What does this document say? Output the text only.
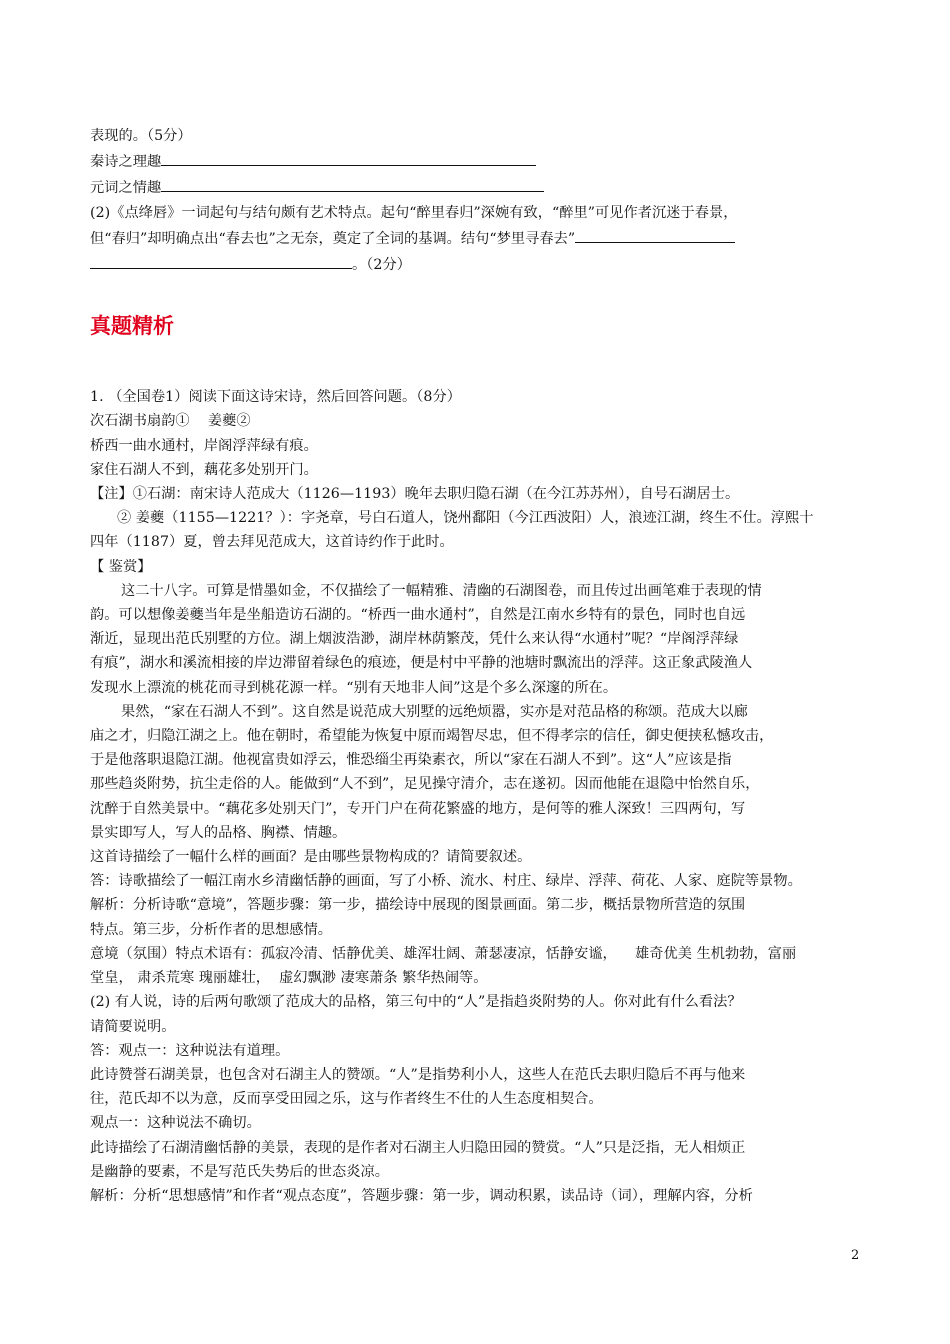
表现的。（5分）
秦诗之理趣
元词之情趣
(2)《点绛唇》一词起句与结句颇有艺术特点。起句“醉里春归”深婉有致，“醉里”可见作者沉迷于春景，
但“春归”却明确点出“春去也”之无奈，奠定了全词的基调。结句“梦里寻春去”
。（2分）
真题精析
1. （全国卷1）阅读下面这诗宋诗，然后回答问题。（8分）
次石湖书扇韵①    姜夔②
桥西一曲水通村，岸阁浮萍绿有痕。
家住石湖人不到，藕花多处别开门。
【注】①石湖：南宋诗人范成大（1126—1193）晚年去职归隐石湖（在今江苏苏州），自号石湖居士。
② 姜夔（1155—1221？）：字尧章，号白石道人，饶州鄱阳（今江西波阳）人，浪迹江湖，终生不仕。淳熙十
四年（1187）夏，曾去拜见范成大，这首诗约作于此时。
【 鉴赏】
这二十八字。可算是惜墨如金，不仅描绘了一幅精雅、清幽的石湖图卷，而且传过出画笔难于表现的情
韵。可以想像姜夔当年是坐船造访石湖的。“桥西一曲水通村”，自然是江南水乡特有的景色，同时也自远
渐近，显现出范氏别墅的方位。湖上烟波浩渺，湖岸林荫繁茂，凭什么来认得“水通村”呢？“岸阁浮萍绿
有痕”，湖水和溪流相接的岸边滞留着绿色的痕迹，便是村中平静的池塘时飘流出的浮萍。这正象武陵渔人
发现水上漂流的桃花而寻到桃花源一样。“别有天地非人间”这是个多么深邃的所在。
果然，“家在石湖人不到”。这自然是说范成大别墅的远绝烦嚣，实亦是对范品格的称颂。范成大以廊
庙之才，归隐江湖之上。他在朝时，希望能为恢复中原而竭智尽忠，但不得孝宗的信任，御史便挟私憾攻击，
于是他落职退隐江湖。他视富贵如浮云，惟恐缁尘再染素衣，所以“家在石湖人不到”。这“人”应该是指
那些趋炎附势，抗尘走俗的人。能做到“人不到”，足见操守清介，志在遂初。因而他能在退隐中怡然自乐，
沈醉于自然美景中。“藕花多处别天门”，专开门户在荷花繁盛的地方，是何等的雅人深致！三四两句，写
景实即写人，写人的品格、胸襟、情趣。
这首诗描绘了一幅什么样的画面？是由哪些景物构成的？请简要叙述。
答：诗歌描绘了一幅江南水乡清幽恬静的画面，写了小桥、流水、村庄、绿岸、浮萍、荷花、人家、庭院等景物。
解析：分析诗歌“意境”，答题步骤：第一步，描绘诗中展现的图景画面。第二步，概括景物所营造的氛围
特点。第三步，分析作者的思想感情。
意境（氛围）特点术语有：孤寂冷清、恬静优美、雄浑壮阔、萧瑟凄凉，恬静安谧，    雄奇优美 生机勃勃，富丽
堂皇， 肃杀荒寒 瑰丽雄壮，  虚幻飘渺 凄寒萧条 繁华热闹等。
(2) 有人说，诗的后两句歌颂了范成大的品格，第三句中的“人”是指趋炎附势的人。你对此有什么看法？
请简要说明。
答：观点一：这种说法有道理。
此诗赞誉石湖美景，也包含对石湖主人的赞颂。“人”是指势利小人，这些人在范氏去职归隐后不再与他来
往，范氏却不以为意，反而享受田园之乐，这与作者终生不仕的人生态度相契合。
观点一：这种说法不确切。
此诗描绘了石湖清幽恬静的美景，表现的是作者对石湖主人归隐田园的赞赏。“人”只是泛指，无人相烦正
是幽静的要素，不是写范氏失势后的世态炎凉。
解析：分析“思想感情”和作者“观点态度”，答题步骤：第一步，调动积累，读品诗（词），理解内容，分析
2
